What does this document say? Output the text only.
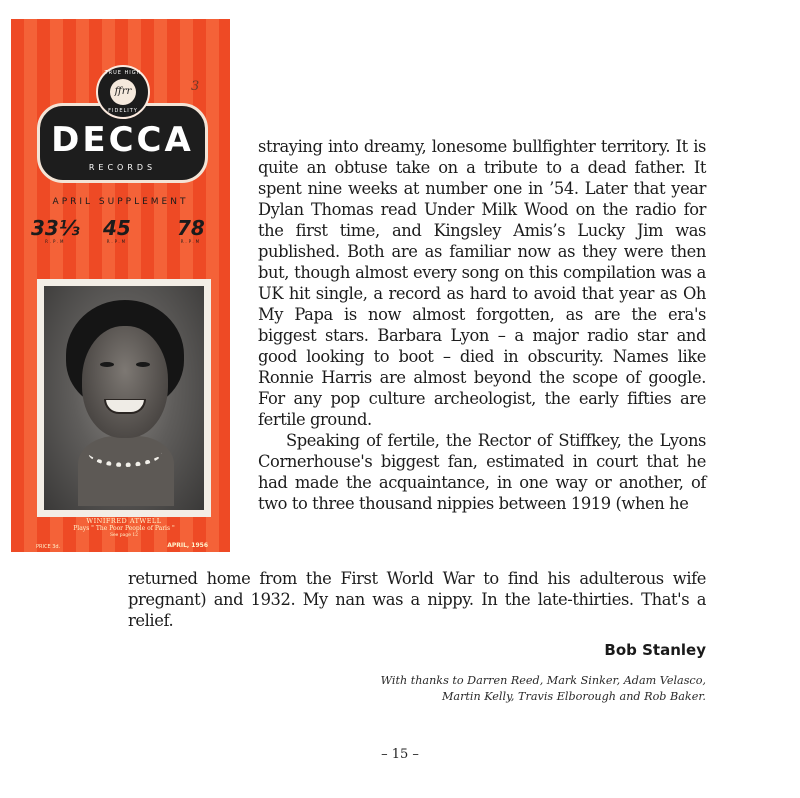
TRUE HIGH
ffrr
FIDELITY
3
DECCA
RECORDS
APRIL SUPPLEMENT
33⅓
R.P.M
45
R.P.M
78
R.P.M
WINIFRED ATWELL
Plays " The Poor People of Paris "
See page 12
PRICE 3d.	APRIL, 1956

straying into dreamy, lonesome bullfighter territory. It is quite an obtuse take on a tribute to a dead father. It spent nine weeks at number one in ’54. Later that year Dylan Thomas read Under Milk Wood on the radio for the first time, and Kingsley Amis’s Lucky Jim was published. Both are as familiar now as they were then but, though almost every song on this compilation was a UK hit single, a record as hard to avoid that year as Oh My Papa is now almost forgotten, as are the era's biggest stars. Barbara Lyon – a major radio star and good looking to boot – died in obscurity. Names like Ronnie Harris are almost beyond the scope of google. For any pop culture archeologist, the early fifties are fertile ground.

Speaking of fertile, the Rector of Stiffkey, the Lyons Cornerhouse's biggest fan, estimated in court that he had made the acquaintance, in one way or another, of two to three thousand nippies between 1919 (when he

returned home from the First World War to find his adulterous wife pregnant) and 1932. My nan was a nippy. In the late-thirties. That's a relief.

Bob Stanley
With thanks to Darren Reed, Mark Sinker, Adam Velasco,
Martin Kelly, Travis Elborough and Rob Baker.
– 15 –
